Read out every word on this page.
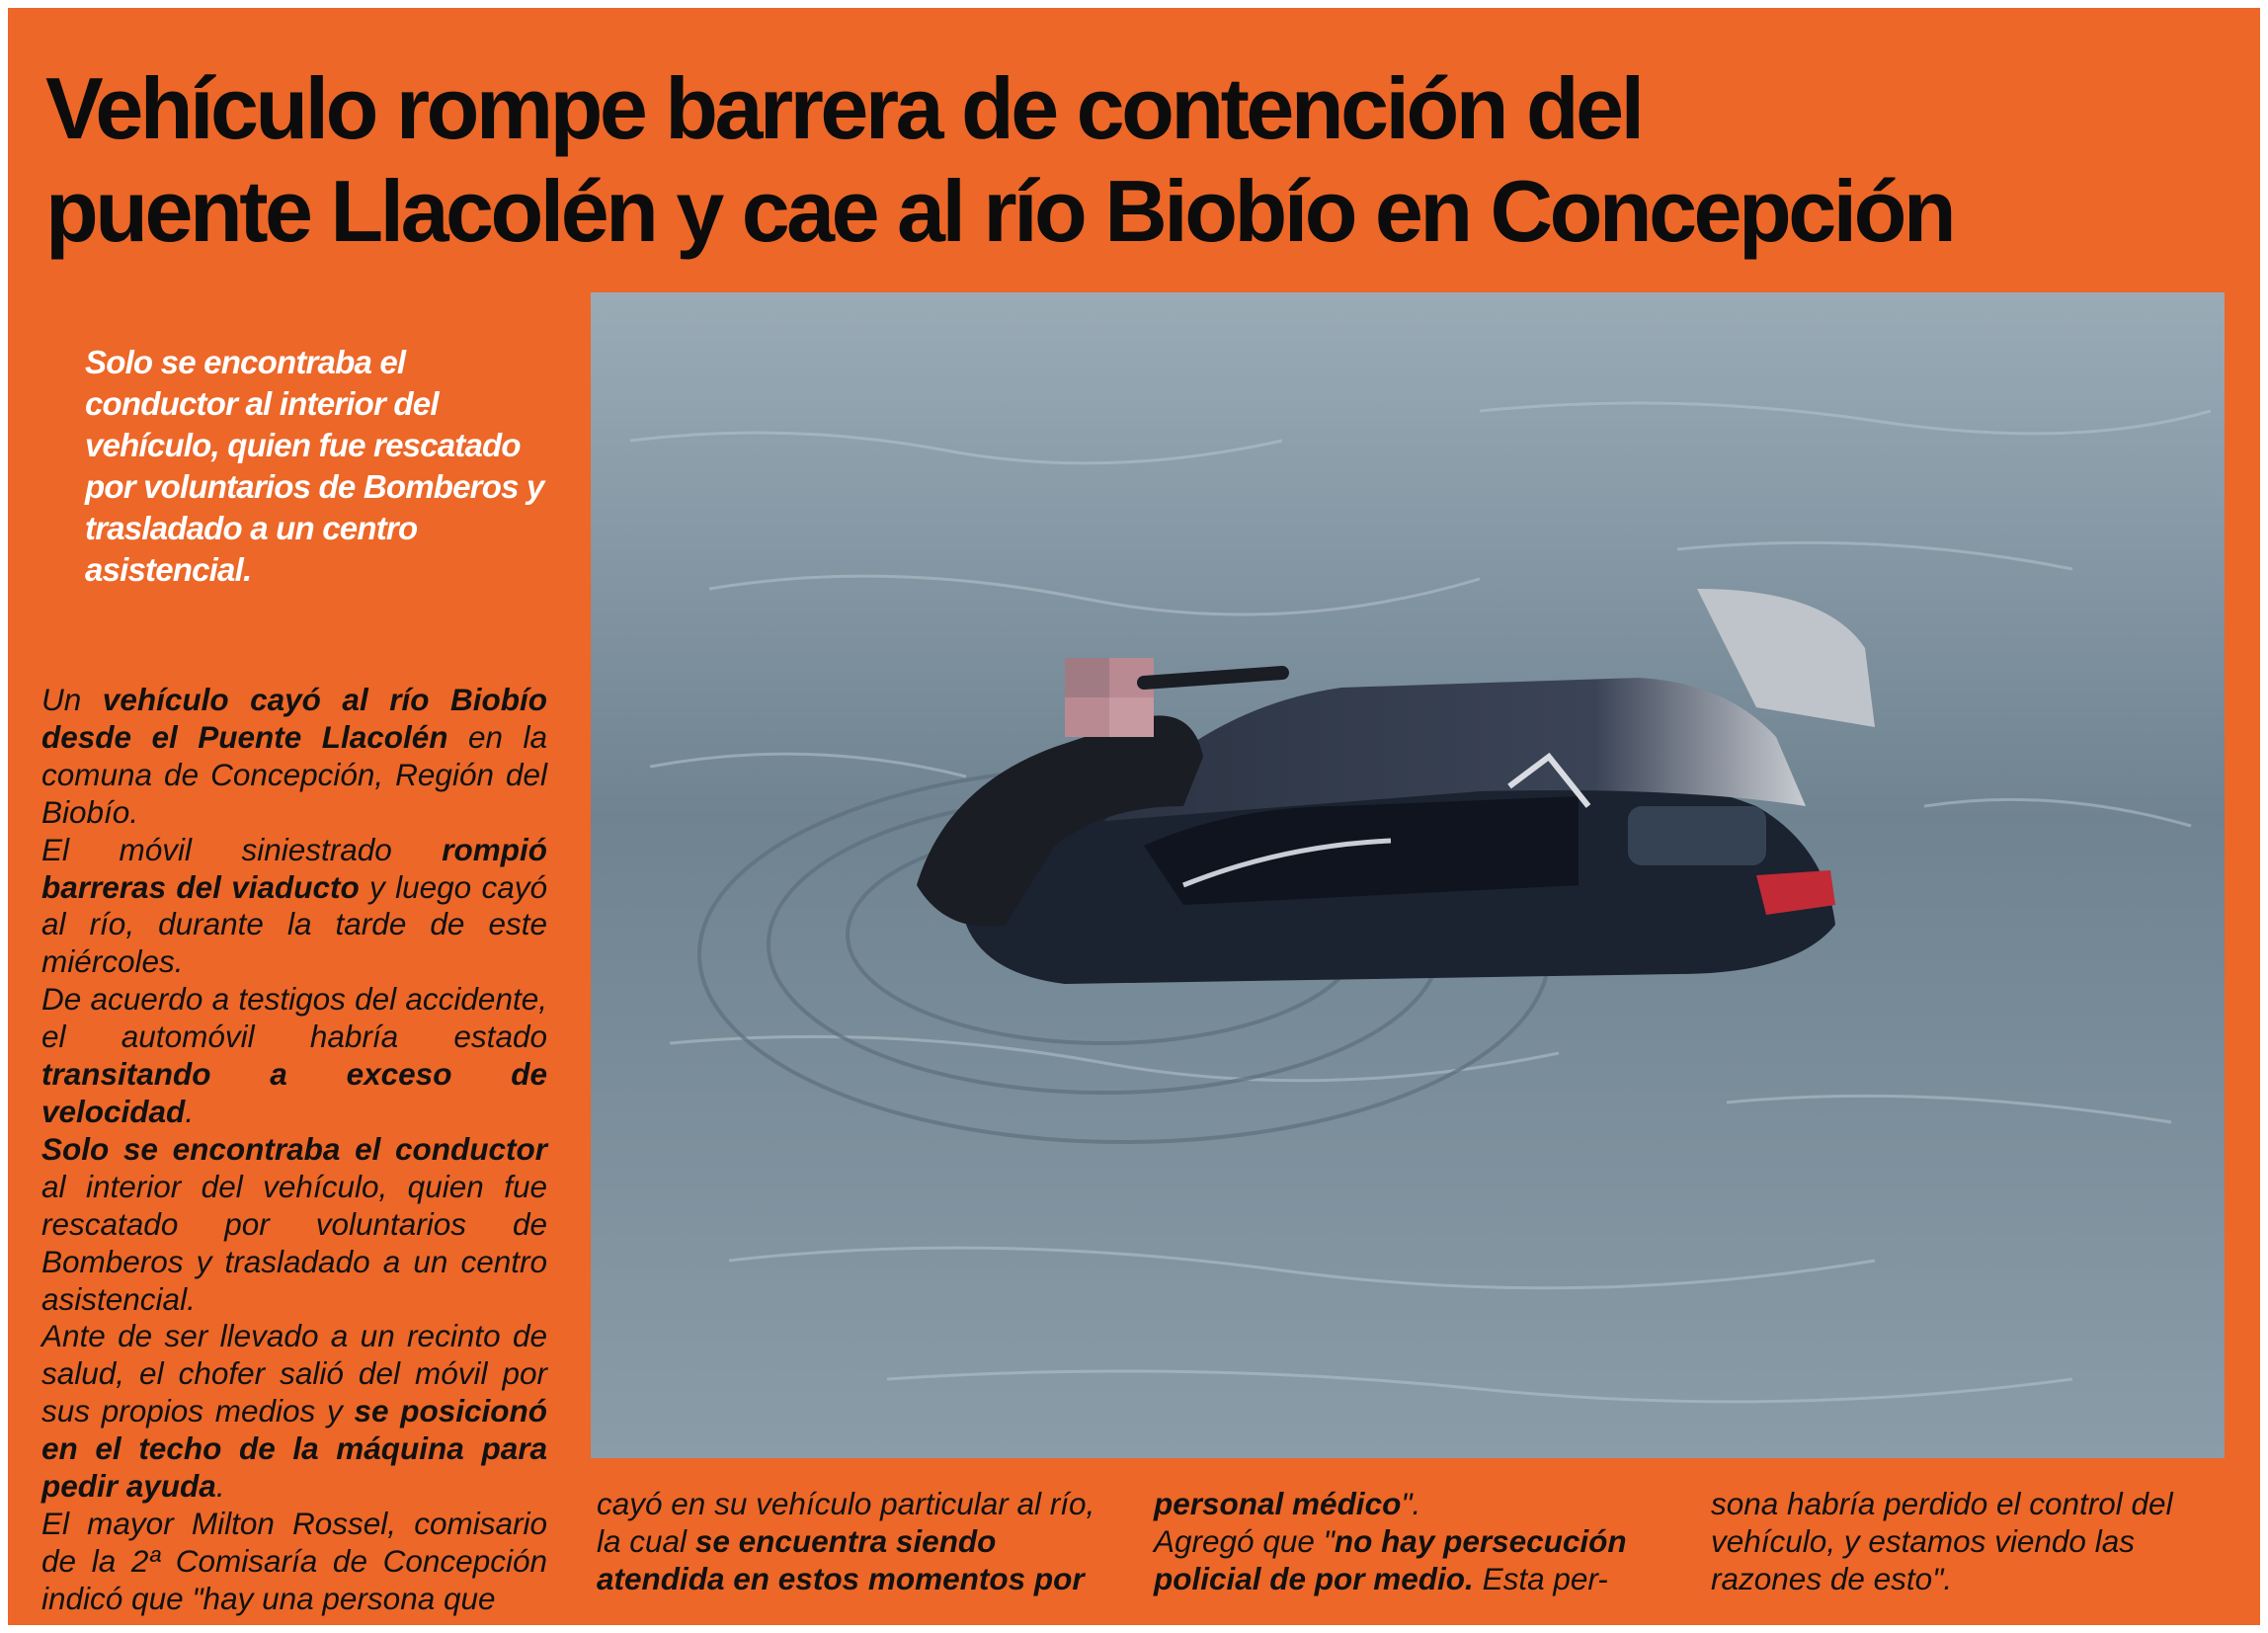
Vehículo rompe barrera de contención del
puente Llacolén y cae al río Biobío en Concepción
Solo se encontraba el conductor al interior del vehículo, quien fue rescatado por voluntarios de Bomberos y trasladado a un centro asistencial.

Un vehículo cayó al río Biobío desde el Puente Llacolén en la comuna de Concepción, Región del Biobío.

El móvil siniestrado rompió barreras del viaducto y luego cayó al río, durante la tarde de este miércoles.

De acuerdo a testigos del accidente, el automóvil habría estado transitando a exceso de velocidad.

Solo se encontraba el conductor al interior del vehículo, quien fue rescatado por voluntarios de Bomberos y trasladado a un centro asistencial.

Ante de ser llevado a un recinto de salud, el chofer salió del móvil por sus propios medios y se posicionó en el techo de la máquina para pedir ayuda.

El mayor Milton Rossel, comisario de la 2ª Comisaría de Concepción indicó que "hay una persona que

cayó en su vehículo particular al río, la cual se encuentra siendo atendida en estos momentos por

personal médico".

Agregó que "no hay persecución policial de por medio. Esta per-

sona habría perdido el control del vehículo, y estamos viendo las razones de esto".
